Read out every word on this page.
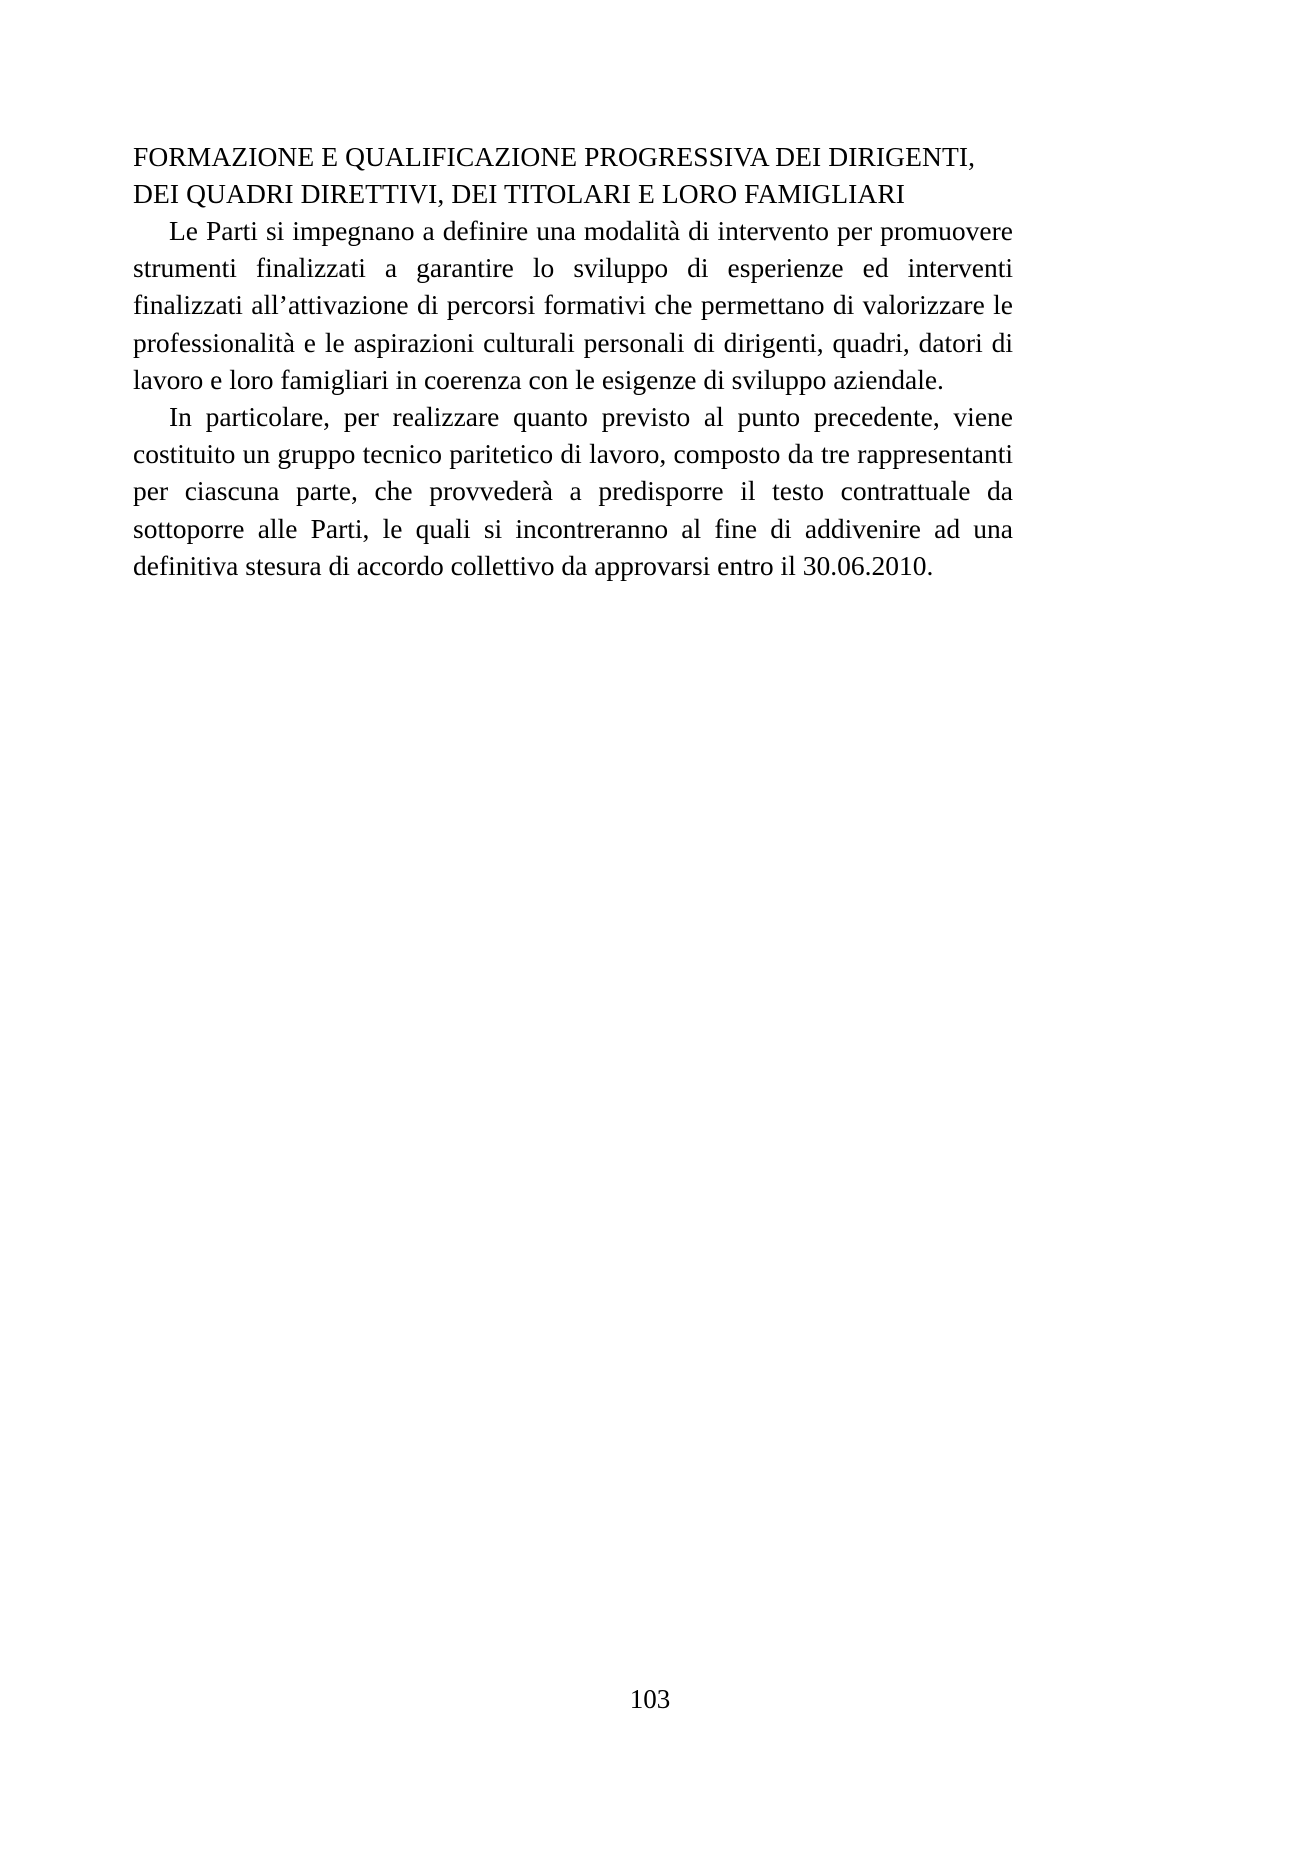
FORMAZIONE E QUALIFICAZIONE PROGRESSIVA DEI DIRIGENTI,
DEI QUADRI DIRETTIVI, DEI TITOLARI E LORO FAMIGLIARI

Le Parti si impegnano a definire una modalità di intervento per promuovere strumenti finalizzati a garantire lo sviluppo di esperienze ed interventi finalizzati all’attivazione di percorsi formativi che permettano di valorizzare le professionalità e le aspirazioni culturali personali di dirigenti, quadri, datori di lavoro e loro famigliari in coerenza con le esigenze di sviluppo aziendale.

In particolare, per realizzare quanto previsto al punto precedente, viene costituito un gruppo tecnico paritetico di lavoro, composto da tre rappresentanti per ciascuna parte, che provvederà a predisporre il testo contrattuale da sottoporre alle Parti, le quali si incontreranno al fine di addivenire ad una definitiva stesura di accordo collettivo da approvarsi entro il 30.06.2010.

103
